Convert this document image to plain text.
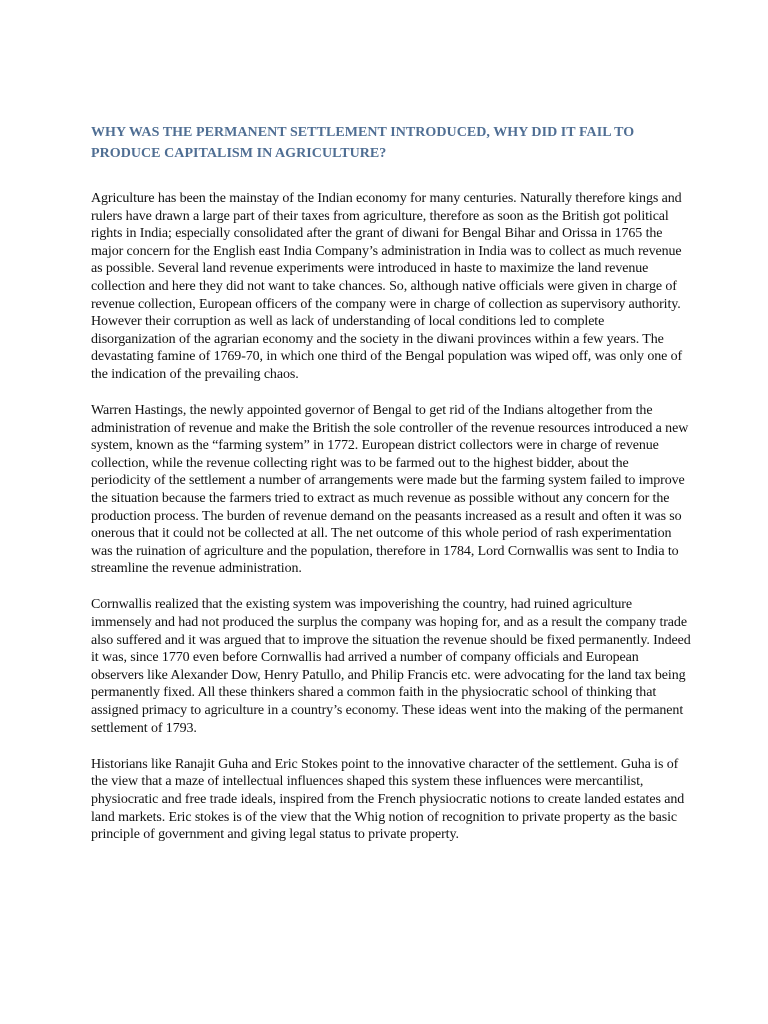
WHY WAS THE PERMANENT SETTLEMENT INTRODUCED, WHY DID IT FAIL TO PRODUCE CAPITALISM IN AGRICULTURE?

Agriculture has been the mainstay of the Indian economy for many centuries. Naturally therefore kings and rulers have drawn a large part of their taxes from agriculture, therefore as soon as the British got political rights in India; especially consolidated after the grant of diwani for Bengal Bihar and Orissa in 1765 the major concern for the English east India Company’s administration in India was to collect as much revenue as possible. Several land revenue experiments were introduced in haste to maximize the land revenue collection and here they did not want to take chances. So, although native officials were given in charge of revenue collection, European officers of the company were in charge of collection as supervisory authority. However their corruption as well as lack of understanding of local conditions led to complete disorganization of the agrarian economy and the society in the diwani provinces within a few years. The devastating famine of 1769-70, in which one third of the Bengal population was wiped off, was only one of the indication of the prevailing chaos.

Warren Hastings, the newly appointed governor of Bengal to get rid of the Indians altogether from the administration of revenue and make the British the sole controller of the revenue resources introduced a new system, known as the “farming system” in 1772. European district collectors were in charge of revenue collection, while the revenue collecting right was to be farmed out to the highest bidder, about the periodicity of the settlement a number of arrangements were made but the farming system failed to improve the situation because the farmers tried to extract as much revenue as possible without any concern for the production process. The burden of revenue demand on the peasants increased as a result and often it was so onerous that it could not be collected at all. The net outcome of this whole period of rash experimentation was the ruination of agriculture and the population, therefore in 1784, Lord Cornwallis was sent to India to streamline the revenue administration.

Cornwallis realized that the existing system was impoverishing the country, had ruined agriculture immensely and had not produced the surplus the company was hoping for, and as a result the company trade also suffered and it was argued that to improve the situation the revenue should be fixed permanently. Indeed it was, since 1770 even before Cornwallis had arrived a number of company officials and European observers like Alexander Dow, Henry Patullo, and Philip Francis etc. were advocating for the land tax being permanently fixed. All these thinkers shared a common faith in the physiocratic school of thinking that assigned primacy to agriculture in a country’s economy. These ideas went into the making of the permanent settlement of 1793.

Historians like Ranajit Guha and Eric Stokes point to the innovative character of the settlement. Guha is of the view that a maze of intellectual influences shaped this system these influences were mercantilist, physiocratic and free trade ideals, inspired from the French physiocratic notions to create landed estates and land markets. Eric stokes is of the view that the Whig notion of recognition to private property as the basic principle of government and giving legal status to private property.
